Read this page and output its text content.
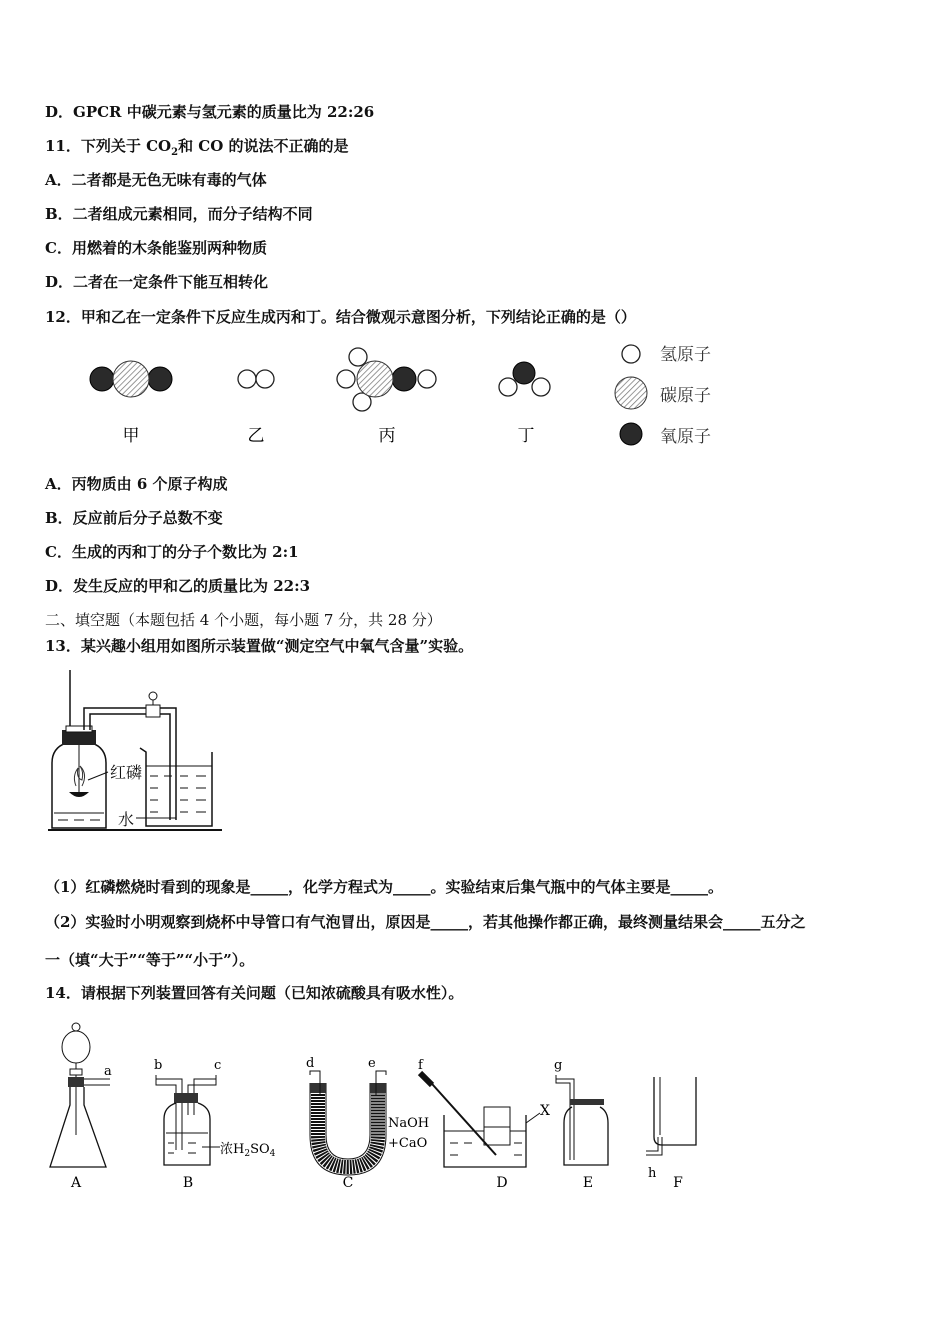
D．GPCR 中碳元素与氢元素的质量比为 22:26
11．下列关于 $CO_2$和 CO 的说法不正确的是
A．二者都是无色无味有毒的气体
B．二者组成元素相同，而分子结构不同
C．用燃着的木条能鉴别两种物质
D．二者在一定条件下能互相转化
12．甲和乙在一定条件下反应生成丙和丁。结合微观示意图分析，下列结论正确的是（）
甲	乙	丙	丁
氢原子
碳原子
氧原子
A．丙物质由 6 个原子构成
B．反应前后分子总数不变
C．生成的丙和丁的分子个数比为 2:1
D．发生反应的甲和乙的质量比为 22:3
二、填空题（本题包括 4 个小题，每小题 7 分，共 28 分）
13．某兴趣小组用如图所示装置做“测定空气中氧气含量”实验。
红磷
水
（1）红磷燃烧时看到的现象是_____，化学方程式为_____。实验结束后集气瓶中的气体主要是_____。
（2）实验时小明观察到烧杯中导管口有气泡冒出，原因是_____，若其他操作都正确，最终测量结果会_____五分之
一（填“大于”“等于”“小于”）。
14．请根据下列装置回答有关问题（已知浓硫酸具有吸水性）。
A	B	C	D	E	F
a	b	c	d	e	f	g
h
X
NaOH
+CaO
浓$H_2SO_4$
